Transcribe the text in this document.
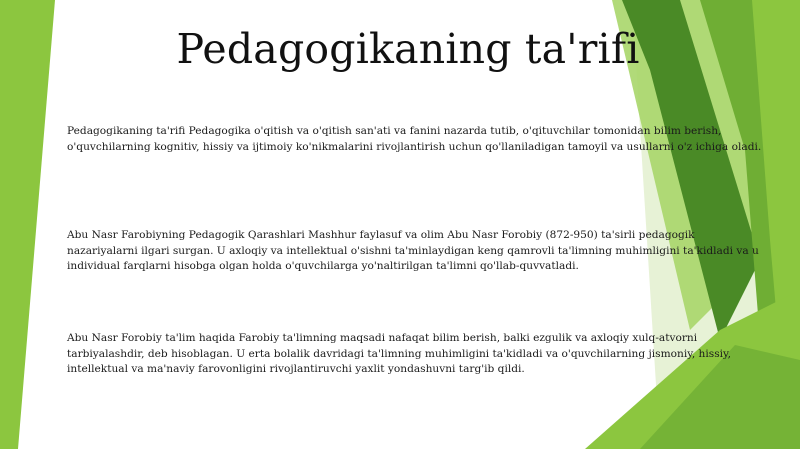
Pedagogikaning ta'rifi

Pedagogikaning ta'rifi Pedagogika o'qitish va o'qitish san'ati va fanini nazarda tutib, o'qituvchilar tomonidan bilim berish, o'quvchilarning kognitiv, hissiy va ijtimoiy ko'nikmalarini rivojlantirish uchun qo'llaniladigan tamoyil va usullarni o'z ichiga oladi.

Abu Nasr Farobiyning Pedagogik Qarashlari Mashhur faylasuf va olim Abu Nasr Forobiy (872-950) ta'sirli pedagogik nazariyalarni ilgari surgan. U axloqiy va intellektual o'sishni ta'minlaydigan keng qamrovli ta'limning muhimligini ta'kidladi va u individual farqlarni hisobga olgan holda o'quvchilarga yo'naltirilgan ta'limni qo'llab-quvvatladi.

Abu Nasr Forobiy ta'lim haqida Farobiy ta'limning maqsadi nafaqat bilim berish, balki ezgulik va axloqiy xulq-atvorni tarbiyalashdir, deb hisoblagan. U erta bolalik davridagi ta'limning muhimligini ta'kidladi va o'quvchilarning jismoniy, hissiy, intellektual va ma'naviy farovonligini rivojlantiruvchi yaxlit yondashuvni targ'ib qildi.
